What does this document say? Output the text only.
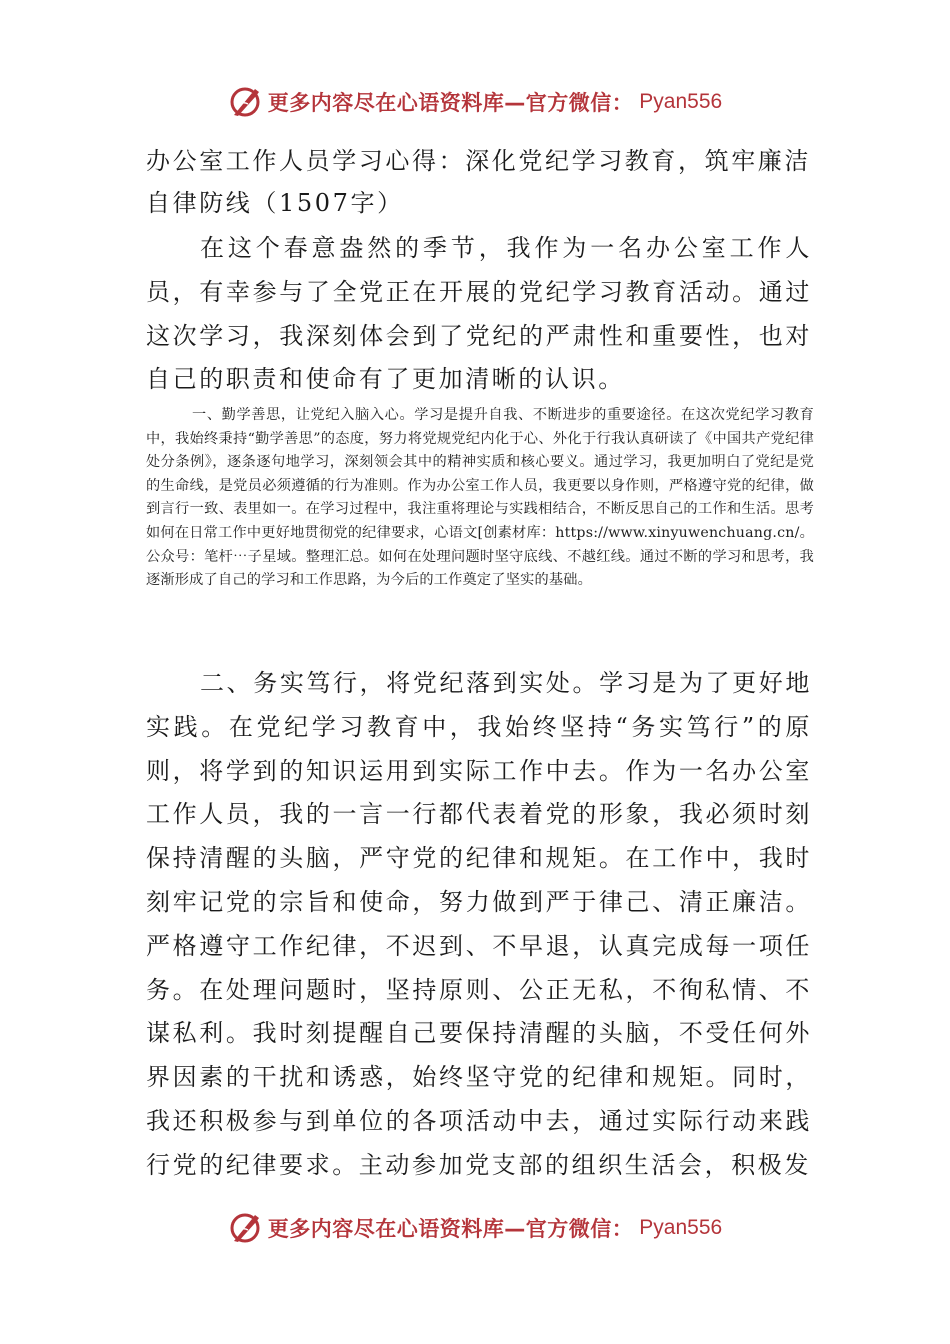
更多内容尽在心语资料库—官方微信： Pyan556
办公室工作人员学习心得：深化党纪学习教育，筑牢廉洁自律防线（1507字）

在这个春意盎然的季节，我作为一名办公室工作人员，有幸参与了全党正在开展的党纪学习教育活动。通过这次学习，我深刻体会到了党纪的严肃性和重要性，也对自己的职责和使命有了更加清晰的认识。

一、勤学善思，让党纪入脑入心。学习是提升自我、不断进步的重要途径。在这次党纪学习教育中，我始终秉持“勤学善思”的态度，努力将党规党纪内化于心、外化于行我认真研读了《中国共产党纪律处分条例》，逐条逐句地学习，深刻领会其中的精神实质和核心要义。通过学习，我更加明白了党纪是党的生命线，是党员必须遵循的行为准则。作为办公室工作人员，我更要以身作则，严格遵守党的纪律，做到言行一致、表里如一。在学习过程中，我注重将理论与实践相结合，不断反思自己的工作和生活。思考如何在日常工作中更好地贯彻党的纪律要求，心语文[创素材库：https://www.xinyuwenchuang.cn/。公众号：笔杆⋯子星域。整理汇总。如何在处理问题时坚守底线、不越红线。通过不断的学习和思考，我逐渐形成了自己的学习和工作思路，为今后的工作奠定了坚实的基础。

二、务实笃行，将党纪落到实处。学习是为了更好地实践。在党纪学习教育中，我始终坚持“务实笃行”的原则，将学到的知识运用到实际工作中去。作为一名办公室工作人员，我的一言一行都代表着党的形象，我必须时刻保持清醒的头脑，严守党的纪律和规矩。在工作中，我时刻牢记党的宗旨和使命，努力做到严于律己、清正廉洁。严格遵守工作纪律，不迟到、不早退，认真完成每一项任务。在处理问题时，坚持原则、公正无私，不徇私情、不谋私利。我时刻提醒自己要保持清醒的头脑，不受任何外界因素的干扰和诱惑，始终坚守党的纪律和规矩。同时，我还积极参与到单位的各项活动中去，通过实际行动来践行党的纪律要求。主动参加党支部的组织生活会，积极发

更多内容尽在心语资料库—官方微信： Pyan556
